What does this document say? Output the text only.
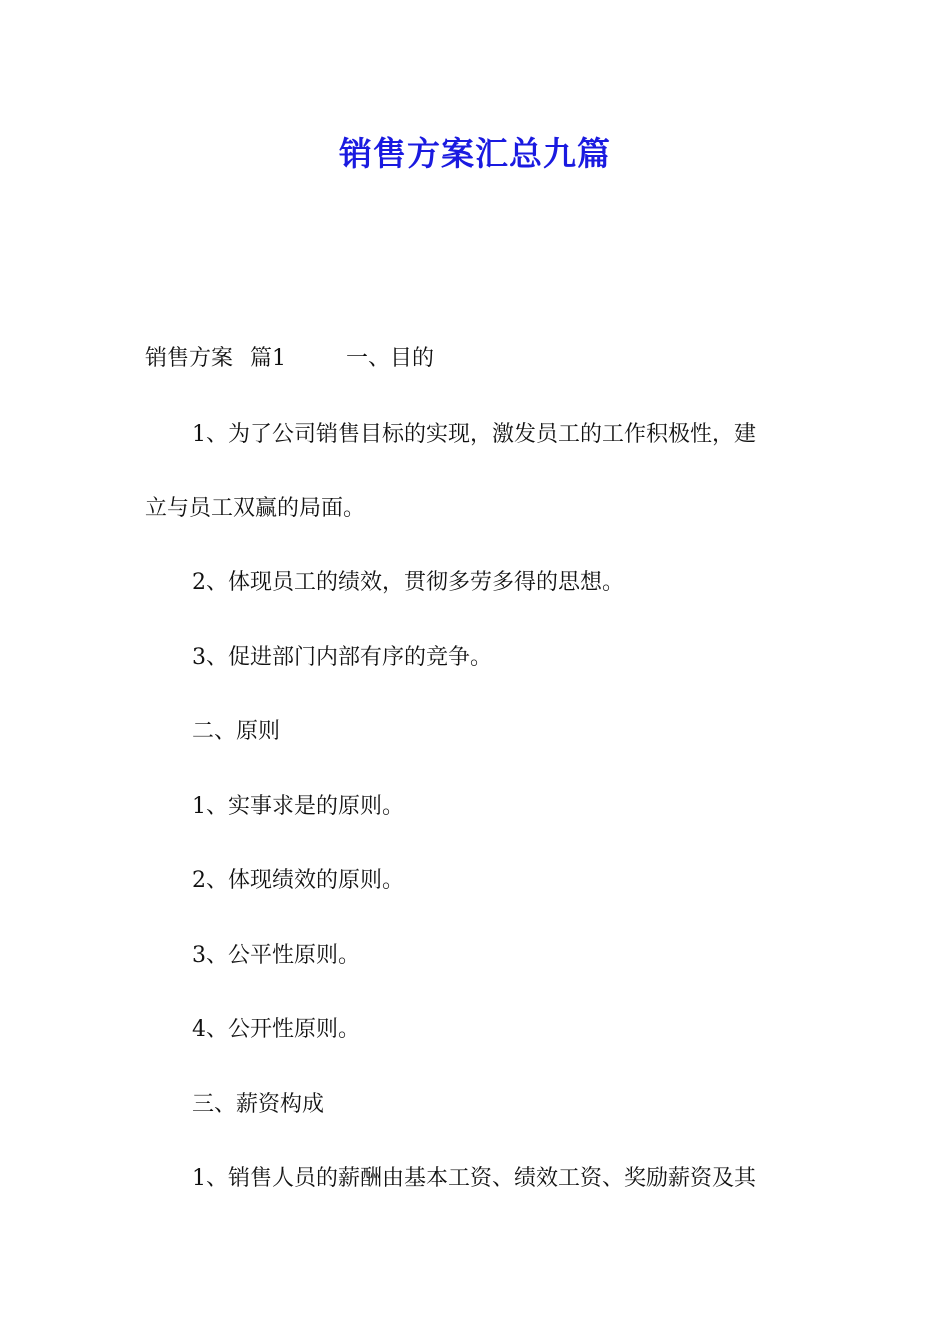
销售方案汇总九篇

销售方案 篇1	一、目的

1、为了公司销售目标的实现，激发员工的工作积极性，建

立与员工双赢的局面。

2、体现员工的绩效，贯彻多劳多得的思想。

3、促进部门内部有序的竞争。

二、原则

1、实事求是的原则。

2、体现绩效的原则。

3、公平性原则。

4、公开性原则。

三、薪资构成

1、销售人员的薪酬由基本工资、绩效工资、奖励薪资及其
